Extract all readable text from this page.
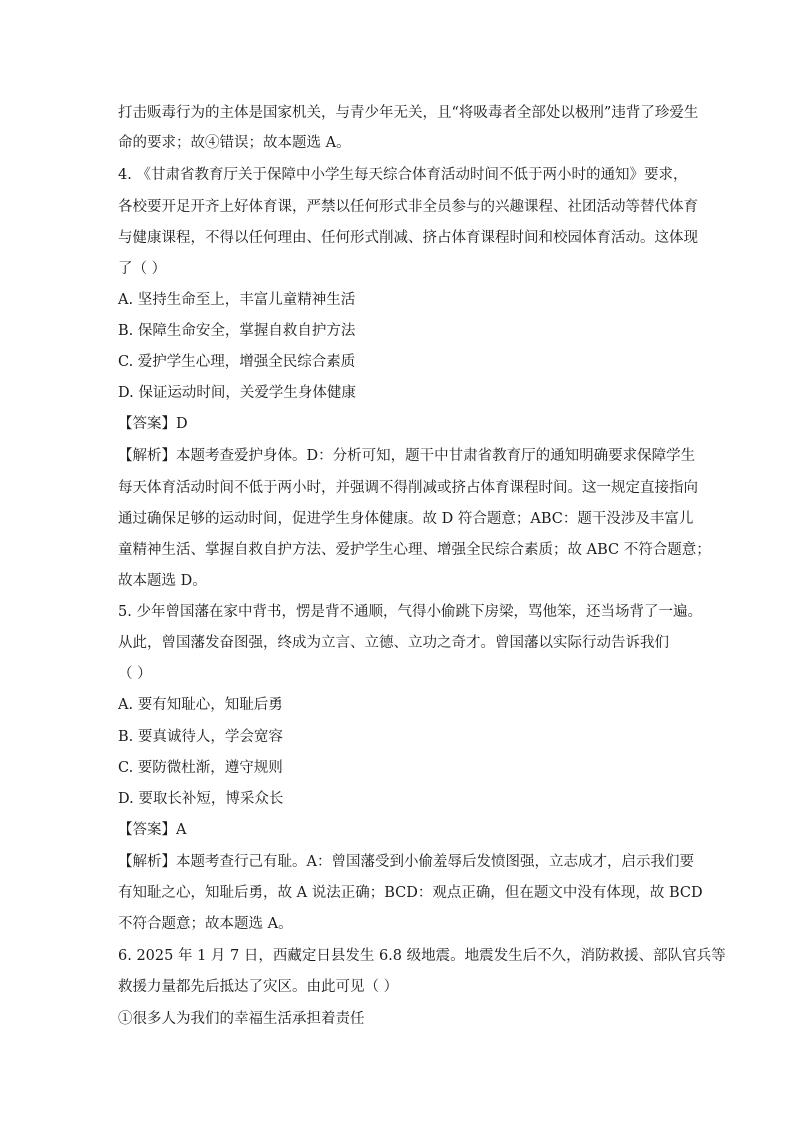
打击贩毒行为的主体是国家机关，与青少年无关，且“将吸毒者全部处以极刑”违背了珍爱生
命的要求；故④错误；故本题选 A。
4. 《甘肃省教育厅关于保障中小学生每天综合体育活动时间不低于两小时的通知》要求，
各校要开足开齐上好体育课，严禁以任何形式非全员参与的兴趣课程、社团活动等替代体育
与健康课程，不得以任何理由、任何形式削减、挤占体育课程时间和校园体育活动。这体现
了（ ）
A. 坚持生命至上，丰富儿童精神生活
B. 保障生命安全，掌握自救自护方法
C. 爱护学生心理，增强全民综合素质
D. 保证运动时间，关爱学生身体健康
【答案】D
【解析】本题考查爱护身体。D：分析可知，题干中甘肃省教育厅的通知明确要求保障学生
每天体育活动时间不低于两小时，并强调不得削减或挤占体育课程时间。这一规定直接指向
通过确保足够的运动时间，促进学生身体健康。故 D 符合题意；ABC：题干没涉及丰富儿
童精神生活、掌握自救自护方法、爱护学生心理、增强全民综合素质；故 ABC 不符合题意；
故本题选 D。
5. 少年曾国藩在家中背书，愣是背不通顺，气得小偷跳下房梁，骂他笨，还当场背了一遍。
从此，曾国藩发奋图强，终成为立言、立德、立功之奇才。曾国藩以实际行动告诉我们
（ ）
A. 要有知耻心，知耻后勇
B. 要真诚待人，学会宽容
C. 要防微杜渐，遵守规则
D. 要取长补短，博采众长
【答案】A
【解析】本题考查行己有耻。A：曾国藩受到小偷羞辱后发愤图强，立志成才，启示我们要
有知耻之心，知耻后勇，故 A 说法正确；BCD：观点正确，但在题文中没有体现，故 BCD
不符合题意；故本题选 A。
6. 2025 年 1 月 7 日，西藏定日县发生 6.8 级地震。地震发生后不久，消防救援、部队官兵等
救援力量都先后抵达了灾区。由此可见（ ）
①很多人为我们的幸福生活承担着责任
